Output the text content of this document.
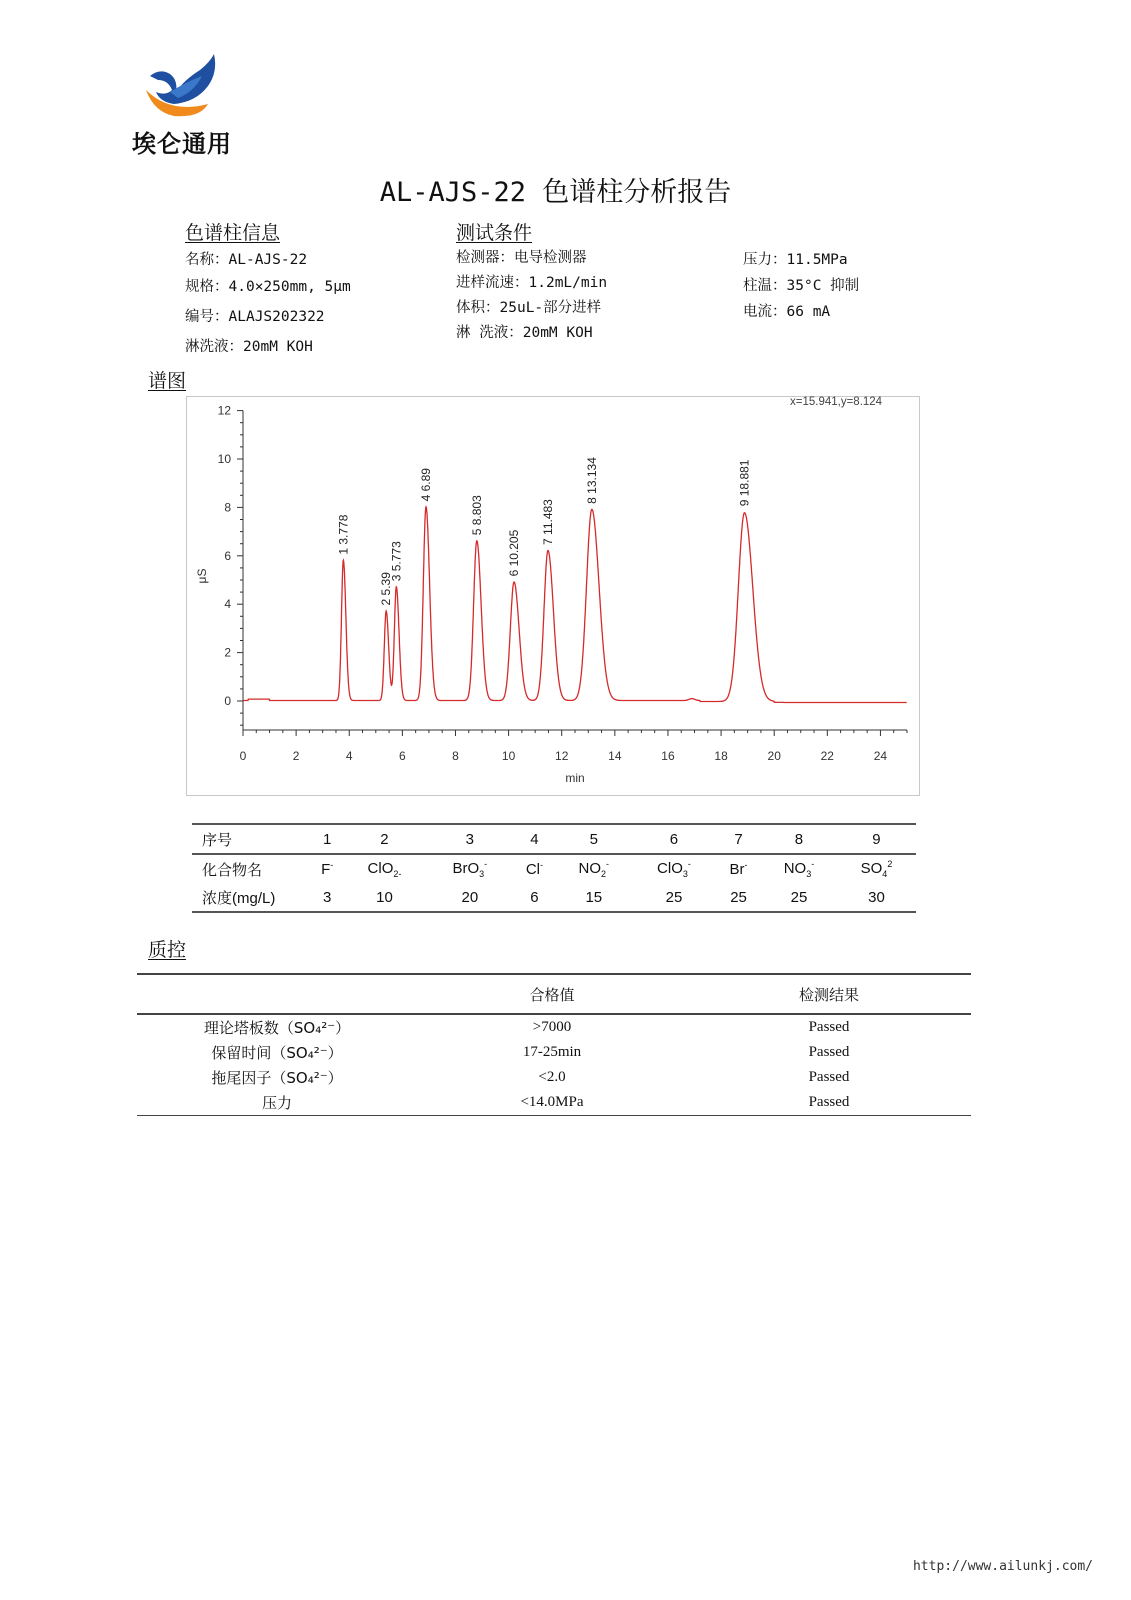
埃仑通用
AL-AJS-22 色谱柱分析报告
色谱柱信息
名称：AL-AJS-22
规格：4.0×250mm, 5μm
编号：ALAJS202322
淋洗液：20mM KOH
测试条件
检测器：电导检测器
进样流速：1.2mL/min
体积：25uL-部分进样
淋 洗液：20mM KOH
压力：11.5MPa
柱温：35°C 抑制
电流：66 mA
谱图
x=15.941,y=8.124
0
2
4
6
8
10
12
0	2	4	6	8	10	12	14	16	18	20	22	24
min
μS
1 3.778
2 5.39
3 5.773
4 6.89
5 8.803
6 10.205
7 11.483
8 13.134	9 18.881
序号	1	2	3	4	5	6	7	8	9
化合物名	F-	ClO$_{2-}$	BrO$_3$-	Cl-	$NO_2^-$	ClO$_3$-	Br-	$NO_3^-$	$SO_4^2$
浓度(mg/L)	3	10	20	6	15	25	25	25	30
质控
	合格值	检测结果
理论塔板数（SO₄²⁻）	>7000	Passed
保留时间（SO₄²⁻）	17-25min	Passed
拖尾因子（SO₄²⁻）	<2.0	Passed
压力	<14.0MPa	Passed
http://www.ailunkj.com/
